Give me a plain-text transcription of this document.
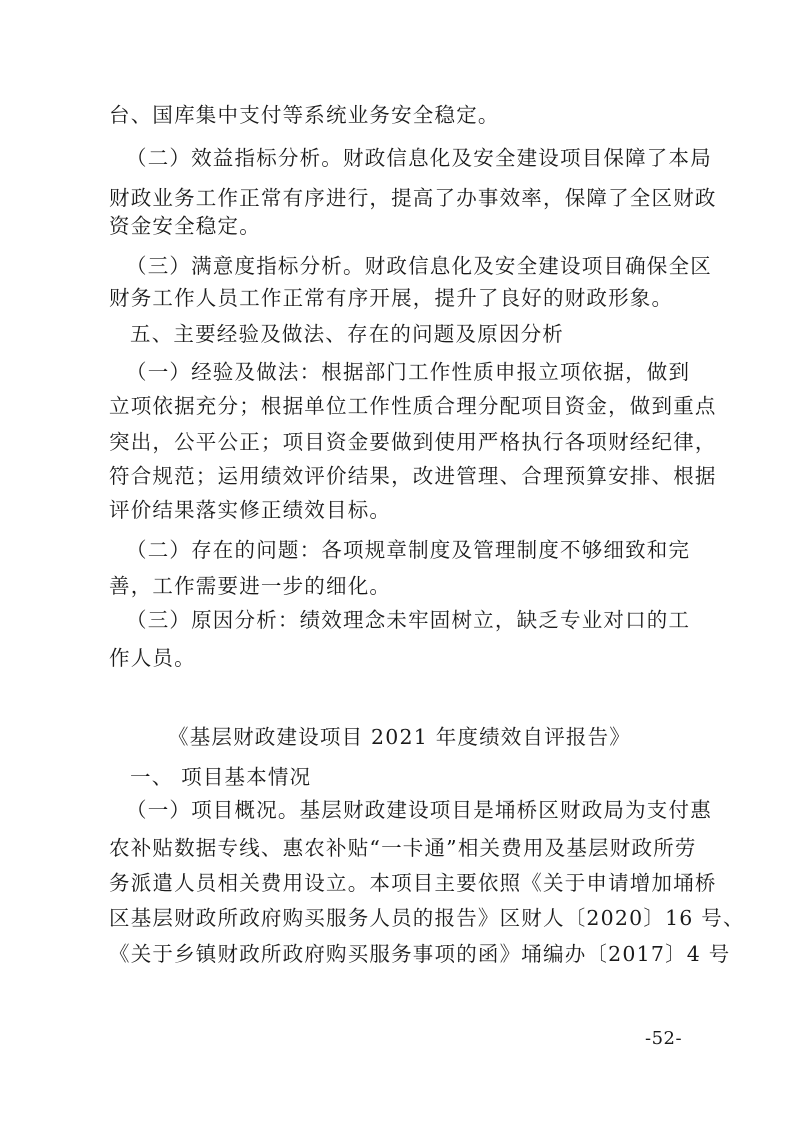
台、国库集中支付等系统业务安全稳定。
（二）效益指标分析。财政信息化及安全建设项目保障了本局
财政业务工作正常有序进行，提高了办事效率，保障了全区财政
资金安全稳定。
（三）满意度指标分析。财政信息化及安全建设项目确保全区
财务工作人员工作正常有序开展，提升了良好的财政形象。
五、主要经验及做法、存在的问题及原因分析
（一）经验及做法：根据部门工作性质申报立项依据，做到
立项依据充分；根据单位工作性质合理分配项目资金，做到重点
突出，公平公正；项目资金要做到使用严格执行各项财经纪律，
符合规范；运用绩效评价结果，改进管理、合理预算安排、根据
评价结果落实修正绩效目标。
（二）存在的问题：各项规章制度及管理制度不够细致和完
善，工作需要进一步的细化。
（三）原因分析：绩效理念未牢固树立，缺乏专业对口的工
作人员。
《基层财政建设项目 2021 年度绩效自评报告》
一、 项目基本情况
（一）项目概况。基层财政建设项目是埇桥区财政局为支付惠
农补贴数据专线、惠农补贴“一卡通”相关费用及基层财政所劳
务派遣人员相关费用设立。本项目主要依照《关于申请增加埇桥
区基层财政所政府购买服务人员的报告》区财人〔2020〕16 号、
《关于乡镇财政所政府购买服务事项的函》埇编办〔2017〕4 号
-52-
